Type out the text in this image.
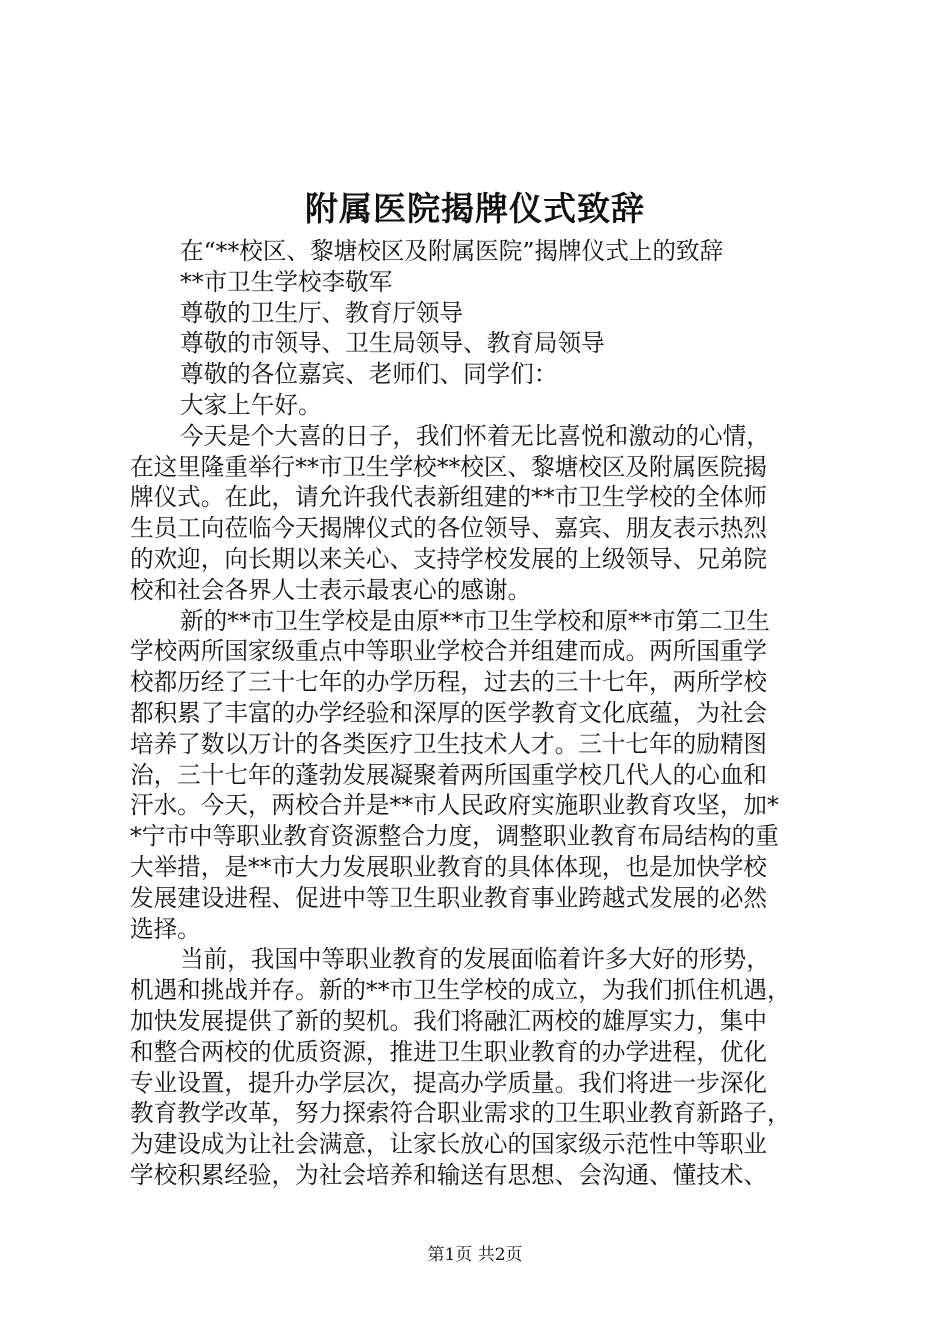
附属医院揭牌仪式致辞

在“**校区、黎塘校区及附属医院”揭牌仪式上的致辞

**市卫生学校李敬军

尊敬的卫生厅、教育厅领导

尊敬的市领导、卫生局领导、教育局领导

尊敬的各位嘉宾、老师们、同学们：

大家上午好。

今天是个大喜的日子，我们怀着无比喜悦和激动的心情，

在这里隆重举行**市卫生学校**校区、黎塘校区及附属医院揭

牌仪式。在此，请允许我代表新组建的**市卫生学校的全体师

生员工向莅临今天揭牌仪式的各位领导、嘉宾、朋友表示热烈

的欢迎，向长期以来关心、支持学校发展的上级领导、兄弟院

校和社会各界人士表示最衷心的感谢。

新的**市卫生学校是由原**市卫生学校和原**市第二卫生

学校两所国家级重点中等职业学校合并组建而成。两所国重学

校都历经了三十七年的办学历程，过去的三十七年，两所学校

都积累了丰富的办学经验和深厚的医学教育文化底蕴，为社会

培养了数以万计的各类医疗卫生技术人才。三十七年的励精图

治，三十七年的蓬勃发展凝聚着两所国重学校几代人的心血和

汗水。今天，两校合并是**市人民政府实施职业教育攻坚，加*

*宁市中等职业教育资源整合力度，调整职业教育布局结构的重

大举措，是**市大力发展职业教育的具体体现，也是加快学校

发展建设进程、促进中等卫生职业教育事业跨越式发展的必然

选择。

当前，我国中等职业教育的发展面临着许多大好的形势，

机遇和挑战并存。新的**市卫生学校的成立，为我们抓住机遇，

加快发展提供了新的契机。我们将融汇两校的雄厚实力，集中

和整合两校的优质资源，推进卫生职业教育的办学进程，优化

专业设置，提升办学层次，提高办学质量。我们将进一步深化

教育教学改革，努力探索符合职业需求的卫生职业教育新路子，

为建设成为让社会满意，让家长放心的国家级示范性中等职业

学校积累经验，为社会培养和输送有思想、会沟通、懂技术、

第1页 共2页
